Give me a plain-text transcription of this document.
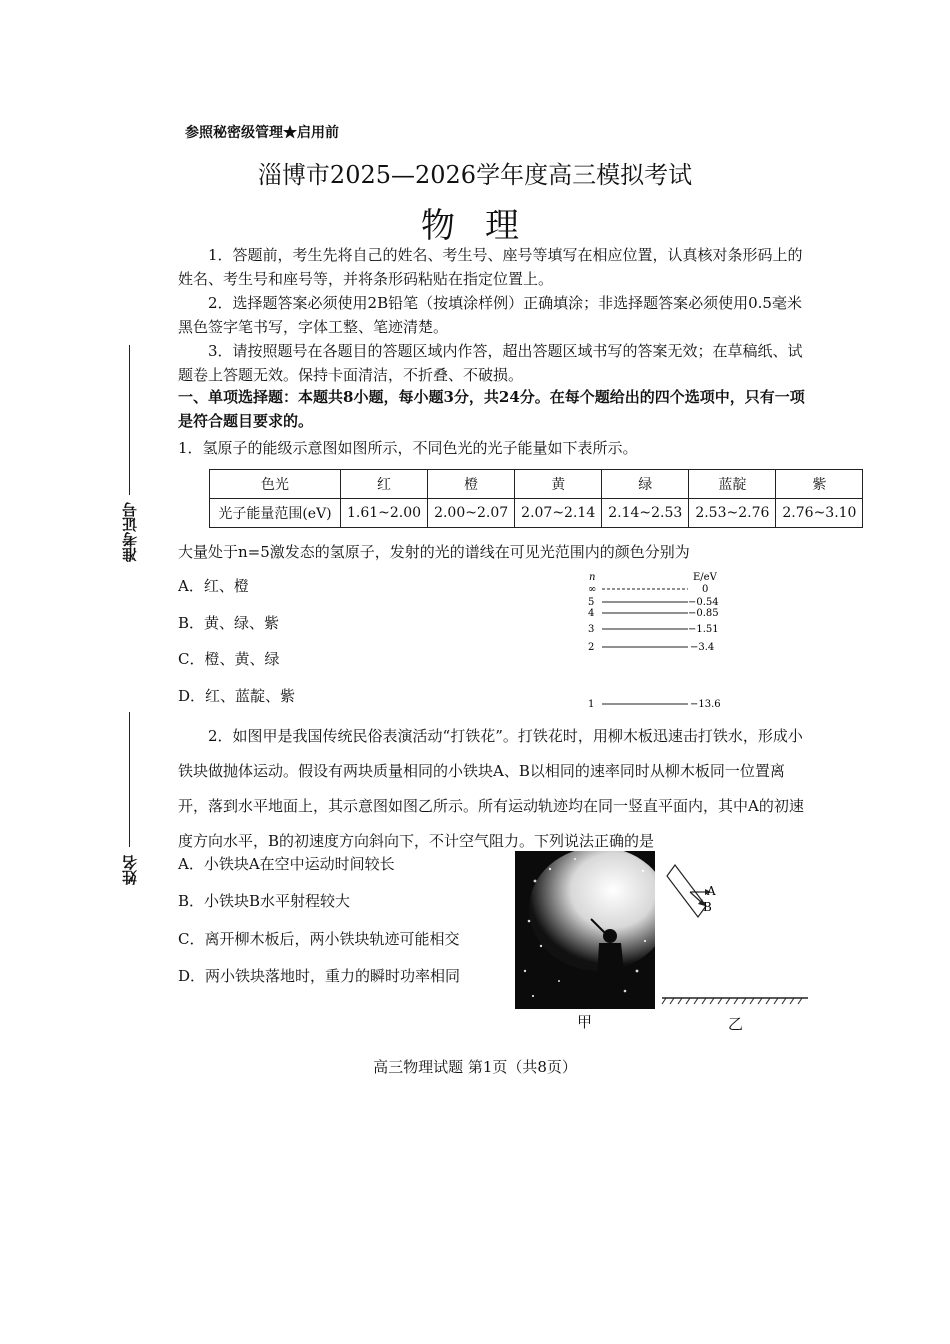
参照秘密级管理★启用前
淄博市2025—2026学年度高三模拟考试
物理
准考证号
姓名
1．答题前，考生先将自己的姓名、考生号、座号等填写在相应位置，认真核对条形码上的姓名、考生号和座号等，并将条形码粘贴在指定位置上。
2．选择题答案必须使用2B铅笔（按填涂样例）正确填涂；非选择题答案必须使用0.5毫米黑色签字笔书写，字体工整、笔迹清楚。
3．请按照题号在各题目的答题区域内作答，超出答题区域书写的答案无效；在草稿纸、试题卷上答题无效。保持卡面清洁，不折叠、不破损。
一、单项选择题：本题共8小题，每小题3分，共24分。在每个题给出的四个选项中，只有一项是符合题目要求的。
1．氢原子的能级示意图如图所示，不同色光的光子能量如下表所示。
色光	红	橙	黄	绿	蓝靛	紫
光子能量范围(eV)	1.61~2.00	2.00~2.07	2.07~2.14	2.14~2.53	2.53~2.76	2.76~3.10
大量处于n=5激发态的氢原子，发射的光的谱线在可见光范围内的颜色分别为
A．红、橙
B．黄、绿、紫
C．橙、黄、绿
D．红、蓝靛、紫
n	E/eV
∞	0
5	−0.54
4	−0.85
3	−1.51
2	−3.4
1	−13.6
2．如图甲是我国传统民俗表演活动“打铁花”。打铁花时，用柳木板迅速击打铁水，形成小铁块做抛体运动。假设有两块质量相同的小铁块A、B以相同的速率同时从柳木板同一位置离开，落到水平地面上，其示意图如图乙所示。所有运动轨迹均在同一竖直平面内，其中A的初速度方向水平，B的初速度方向斜向下，不计空气阻力。下列说法正确的是
A．小铁块A在空中运动时间较长
B．小铁块B水平射程较大
C．离开柳木板后，两小铁块轨迹可能相交
D．两小铁块落地时，重力的瞬时功率相同
甲
A
B
乙
高三物理试题 第1页（共8页）
